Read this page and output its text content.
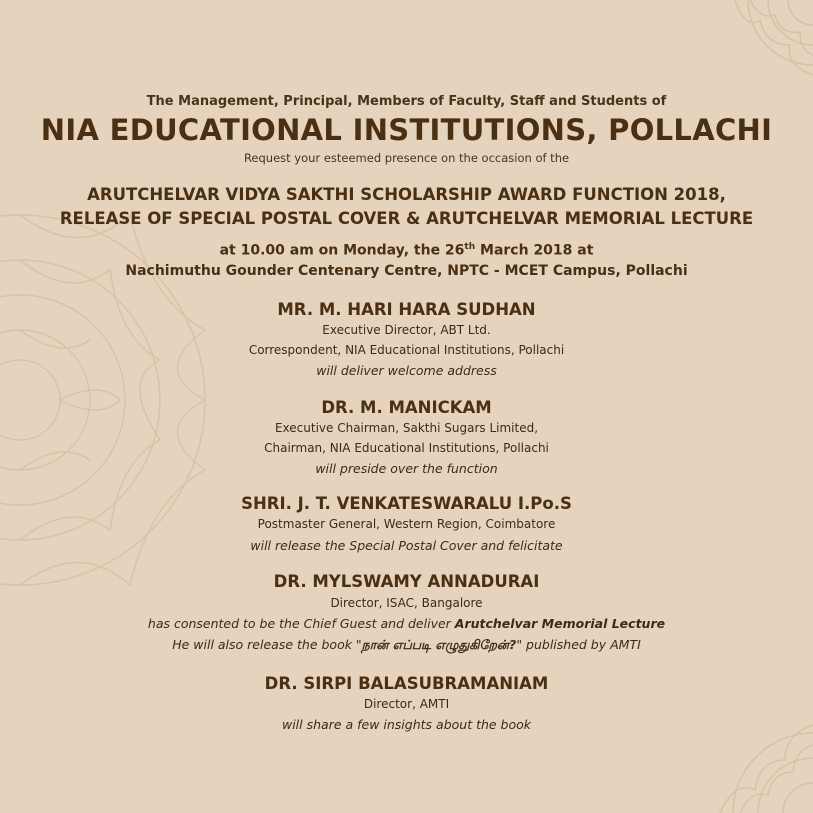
The Management, Principal, Members of Faculty, Staff and Students of
NIA EDUCATIONAL INSTITUTIONS, POLLACHI
Request your esteemed presence on the occasion of the
ARUTCHELVAR VIDYA SAKTHI SCHOLARSHIP AWARD FUNCTION 2018,
RELEASE OF SPECIAL POSTAL COVER & ARUTCHELVAR MEMORIAL LECTURE
at 10.00 am on Monday, the 26th March 2018 at
Nachimuthu Gounder Centenary Centre, NPTC - MCET Campus, Pollachi
MR. M. HARI HARA SUDHAN
Executive Director, ABT Ltd.
Correspondent, NIA Educational Institutions, Pollachi
will deliver welcome address
DR. M. MANICKAM
Executive Chairman, Sakthi Sugars Limited,
Chairman, NIA Educational Institutions, Pollachi
will preside over the function
SHRI. J. T. VENKATESWARALU I.Po.S
Postmaster General, Western Region, Coimbatore
will release the Special Postal Cover and felicitate
DR. MYLSWAMY ANNADURAI
Director, ISAC, Bangalore
has consented to be the Chief Guest and deliver Arutchelvar Memorial Lecture
He will also release the book "நான் எப்படி எழுதுகிறேன்?" published by AMTI
DR. SIRPI BALASUBRAMANIAM
Director, AMTI
will share a few insights about the book
